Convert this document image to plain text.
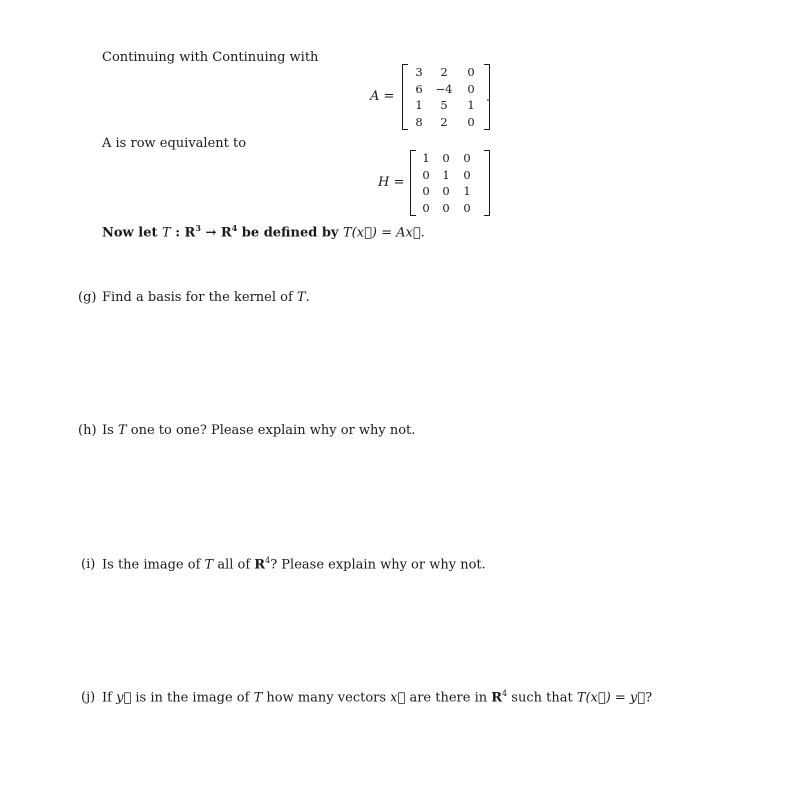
Continuing with Continuing with
A =
3	2	0
6	−4	0
1	5	1
8	2	0
.
A is row equivalent to
H =
1	0	0
0	1	0
0	0	1
0	0	0
Now let T : $R^3 \to R^4$ be defined by T(x⃗) = Ax⃗.
(g) Find a basis for the kernel of T.
(h) Is T one to one? Please explain why or why not.
(i) Is the image of T all of $R^4$? Please explain why or why not.
(j) If y⃗ is in the image of T how many vectors x⃗ are there in $R^4$ such that T(x⃗) = y⃗?
